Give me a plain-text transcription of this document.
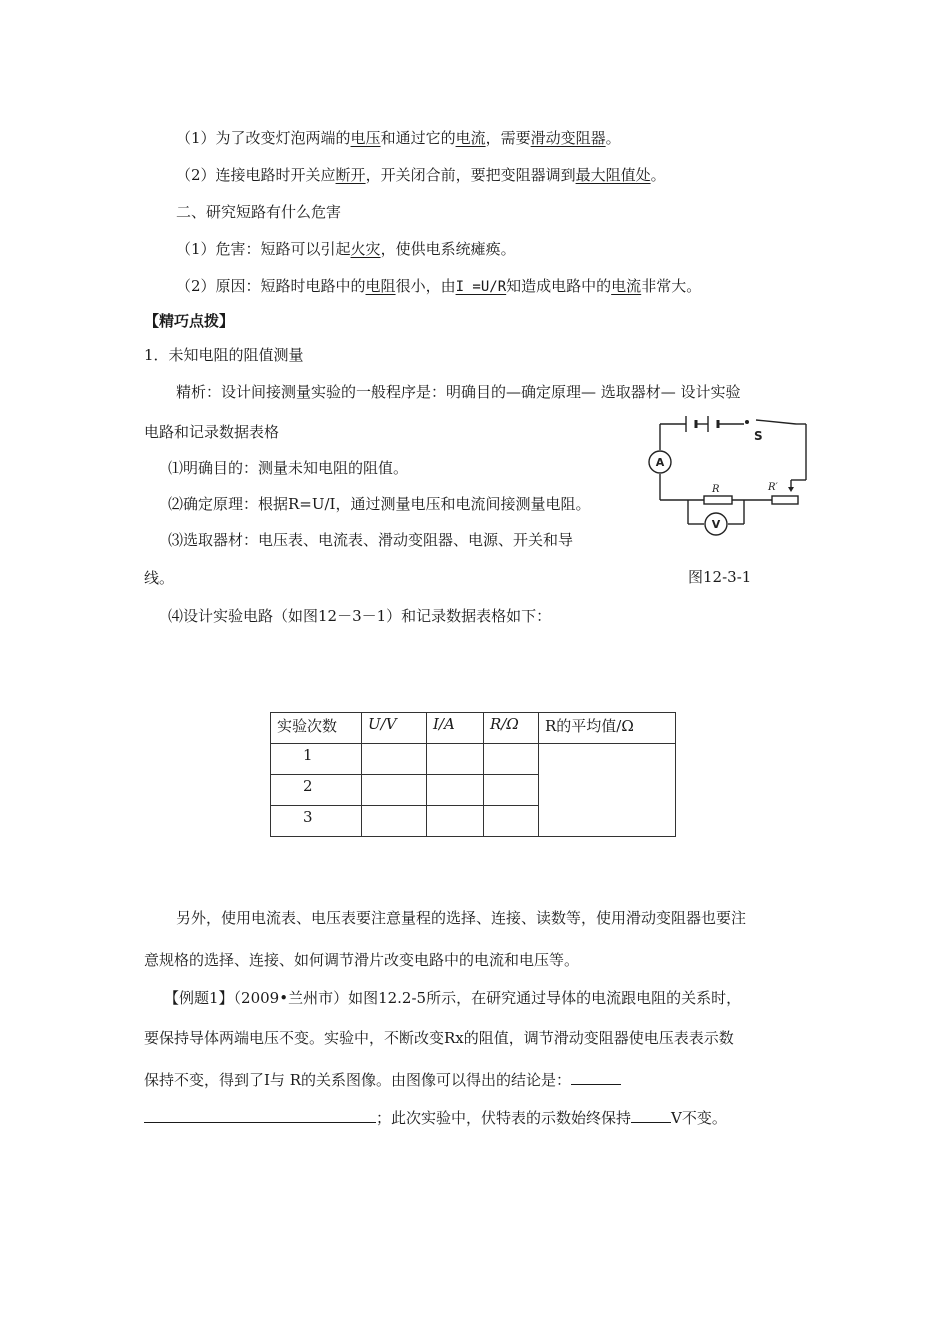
（1）为了改变灯泡两端的电压和通过它的电流，需要滑动变阻器。
（2）连接电路时开关应断开，开关闭合前，要把变阻器调到最大阻值处。
二、研究短路有什么危害
（1）危害：短路可以引起火灾，使供电系统瘫痪。
（2）原因：短路时电路中的电阻很小，由I =U/R知造成电路中的电流非常大。
【精巧点拨】
1．未知电阻的阻值测量
精析：设计间接测量实验的一般程序是：明确目的—确定原理— 选取器材— 设计实验
电路和记录数据表格
⑴明确目的：测量未知电阻的阻值。
⑵确定原理：根据R=U/I，通过测量电压和电流间接测量电阻。
⑶选取器材：电压表、电流表、滑动变阻器、电源、开关和导
线。
⑷设计实验电路（如图12－3－1）和记录数据表格如下：
S
A
R	R′
V
图12-3-1
实验次数	U/V	I/A	R/Ω	R的平均值/Ω
1				
2				
3				
另外，使用电流表、电压表要注意量程的选择、连接、读数等，使用滑动变阻器也要注
意规格的选择、连接、如何调节滑片改变电路中的电流和电压等。
【例题1】（2009•兰州市）如图12.2-5所示，在研究通过导体的电流跟电阻的关系时，
要保持导体两端电压不变。实验中，不断改变Rx的阻值，调节滑动变阻器使电压表表示数
保持不变，得到了I与 R的关系图像。由图像可以得出的结论是：
；此次实验中，伏特表的示数始终保持	V不变。
